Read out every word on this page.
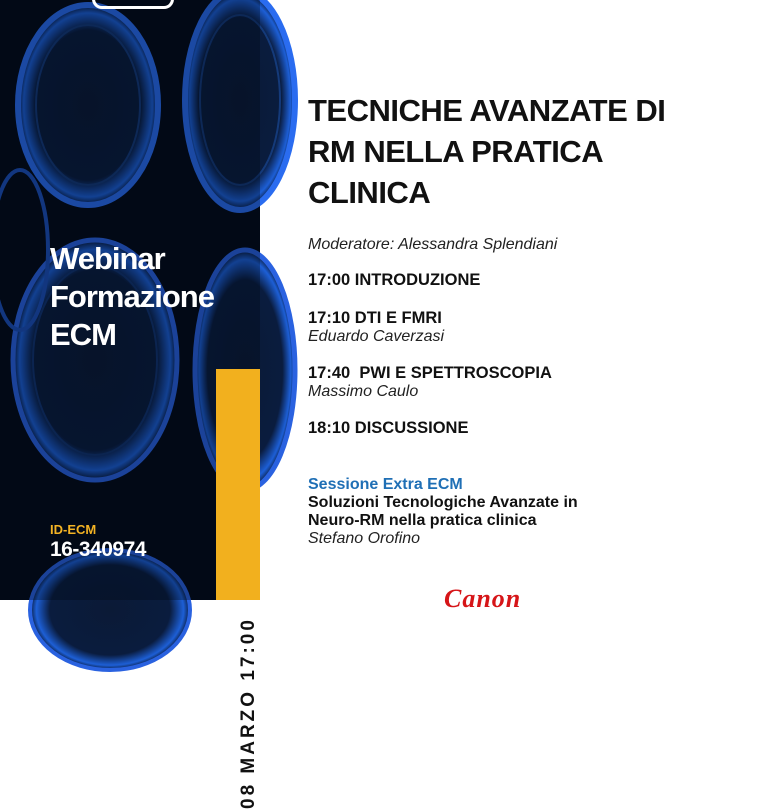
Webinar
Formazione
ECM
ID-ECM
16-340974
08 MARZO 17:00
TECNICHE AVANZATE DI
RM NELLA PRATICA
CLINICA
Moderatore: Alessandra Splendiani
17:00 INTRODUZIONE
17:10 DTI E FMRI
Eduardo Caverzasi
17:40  PWI E SPETTROSCOPIA
Massimo Caulo
18:10 DISCUSSIONE
Sessione Extra ECM
Soluzioni Tecnologiche Avanzate in
Neuro-RM nella pratica clinica
Stefano Orofino
Canon
